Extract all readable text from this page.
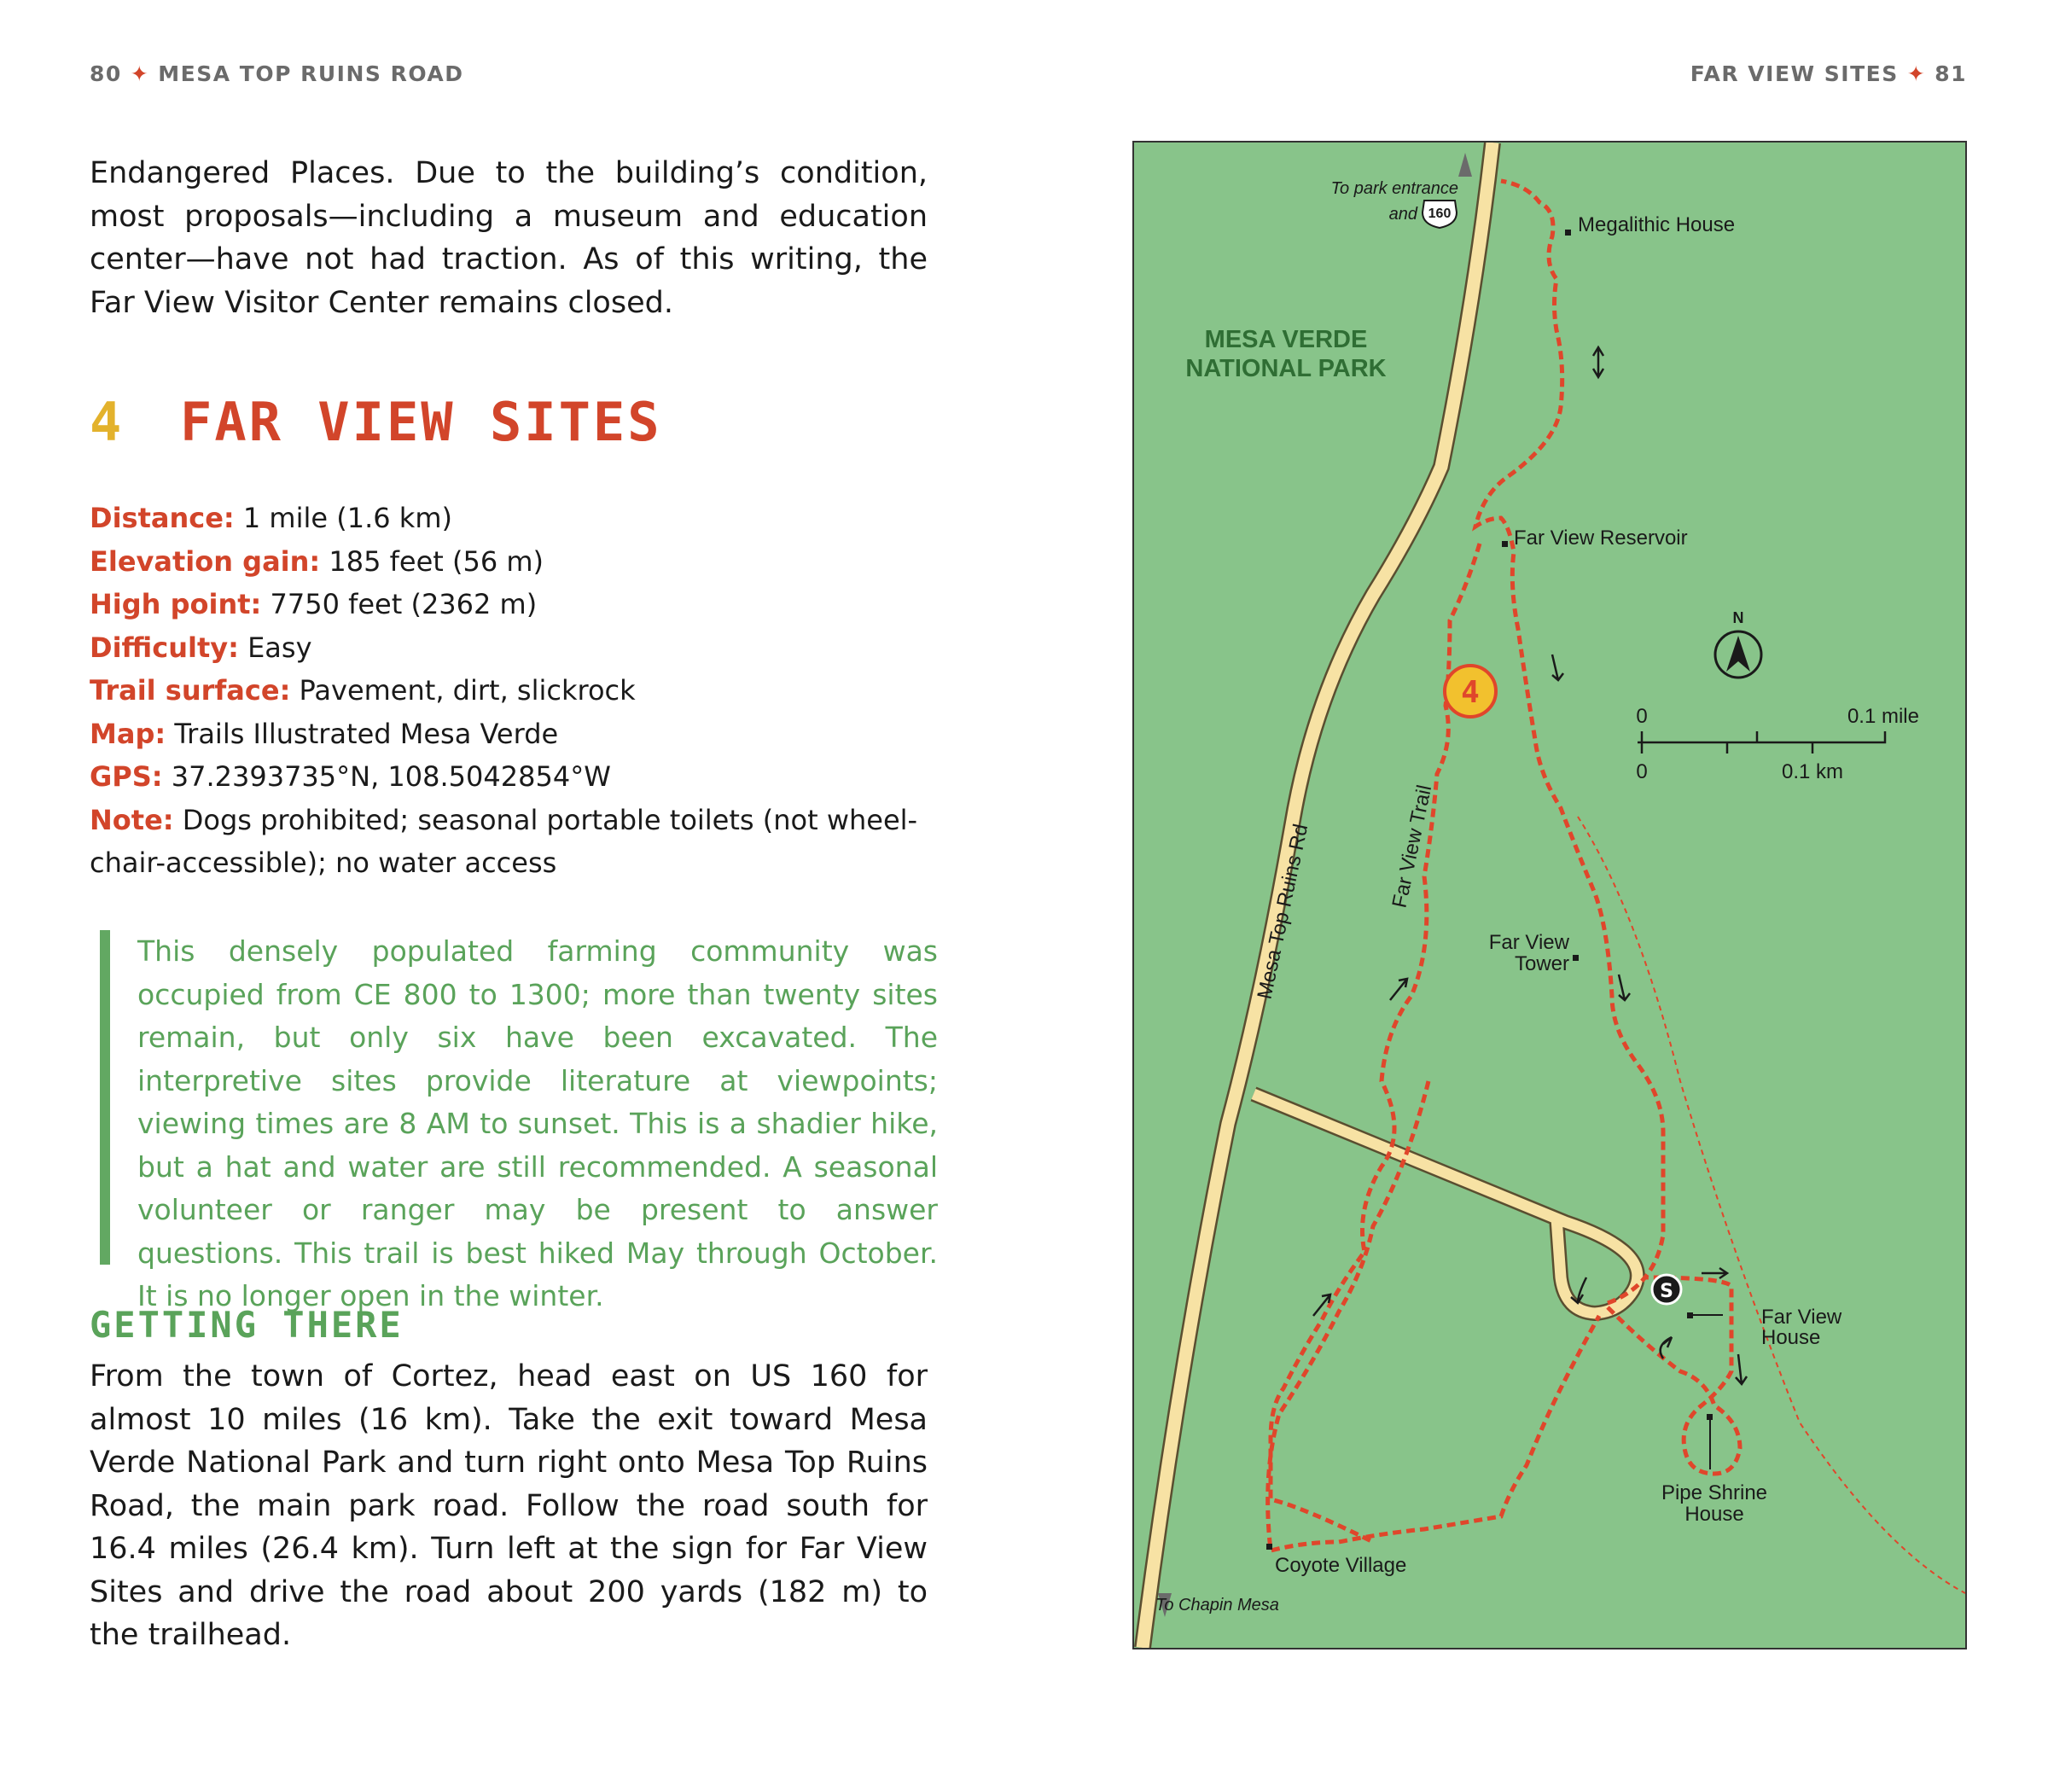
80 ✦ MESA TOP RUINS ROAD	FAR VIEW SITES ✦ 81

Endangered Places. Due to the building’s condition, most proposals—including a museum and education center—have not had traction. As of this writing, the Far View Visitor Center remains closed.

4 FAR VIEW SITES

Distance: 1 mile (1.6 km)

Elevation gain: 185 feet (56 m)

High point: 7750 feet (2362 m)

Difficulty: Easy

Trail surface: Pavement, dirt, slickrock

Map: Trails Illustrated Mesa Verde

GPS: 37.2393735°N, 108.5042854°W

Note: Dogs prohibited; seasonal portable toilets (not wheel-chair-accessible); no water access

This densely populated farming community was occupied from CE 800 to 1300; more than twenty sites remain, but only six have been excavated. The interpretive sites provide literature at viewpoints; viewing times are 8 AM to sunset. This is a shadier hike, but a hat and water are still recommended. A seasonal volunteer or ranger may be present to answer questions. This trail is best hiked May through October. It is no longer open in the winter.
GETTING THERE

From the town of Cortez, head east on US 160 for almost 10 miles (16 km). Take the exit toward Mesa Verde National Park and turn right onto Mesa Top Ruins Road, the main park road. Follow the road south for 16.4 miles (26.4 km). Turn left at the sign for Far View Sites and drive the road about 200 yards (182 m) to the trailhead.

160
To park entrance
and
MESA VERDE
NATIONAL PARK
Mesa Top Ruins Rd	Far View Trail
4
S
Megalithic House
Far View Reservoir
Far View
Tower
Far View
House
Pipe Shrine
House
Coyote Village
To Chapin Mesa
N
0	0.1 mile
0	0.1 km
